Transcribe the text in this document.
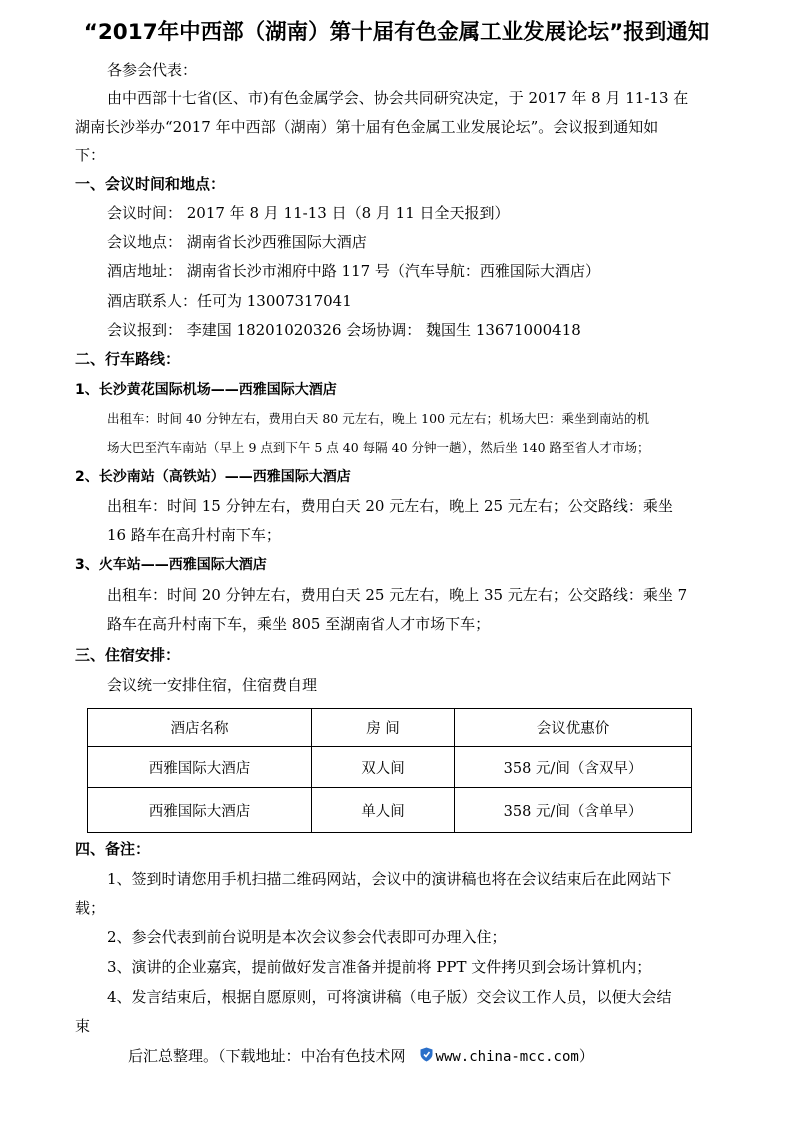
“2017年中西部（湖南）第十届有色金属工业发展论坛”报到通知
各参会代表：
由中西部十七省(区、市)有色金属学会、协会共同研究决定，于 2017 年 8 月 11-13 在
湖南长沙举办“2017 年中西部（湖南）第十届有色金属工业发展论坛”。会议报到通知如
下：
一、会议时间和地点：
会议时间： 2017 年 8 月 11-13 日（8 月 11 日全天报到）
会议地点： 湖南省长沙西雅国际大酒店
酒店地址： 湖南省长沙市湘府中路 117 号（汽车导航：西雅国际大酒店）
酒店联系人：任可为 13007317041
会议报到： 李建国 18201020326 会场协调： 魏国生 13671000418
二、行车路线：
1、长沙黄花国际机场——西雅国际大酒店
出租车：时间 40 分钟左右，费用白天 80 元左右，晚上 100 元左右；机场大巴：乘坐到南站的机
场大巴至汽车南站（早上 9 点到下午 5 点 40 每隔 40 分钟一趟），然后坐 140 路至省人才市场；
2、长沙南站（高铁站）——西雅国际大酒店
出租车：时间 15 分钟左右，费用白天 20 元左右，晚上 25 元左右；公交路线：乘坐
16 路车在高升村南下车；
3、火车站——西雅国际大酒店
出租车：时间 20 分钟左右，费用白天 25 元左右，晚上 35 元左右；公交路线：乘坐 7
路车在高升村南下车，乘坐 805 至湖南省人才市场下车；
三、住宿安排：
会议统一安排住宿，住宿费自理
酒店名称	房 间	会议优惠价
西雅国际大酒店	双人间	358 元/间（含双早）
西雅国际大酒店	单人间	358 元/间（含单早）
四、备注：
1、签到时请您用手机扫描二维码网站，会议中的演讲稿也将在会议结束后在此网站下
载；
2、参会代表到前台说明是本次会议参会代表即可办理入住；
3、演讲的企业嘉宾，提前做好发言准备并提前将 PPT 文件拷贝到会场计算机内；
4、发言结束后，根据自愿原则，可将演讲稿（电子版）交会议工作人员，以便大会结
束
后汇总整理。（下载地址：中冶有色技术网 www.china-mcc.com）
